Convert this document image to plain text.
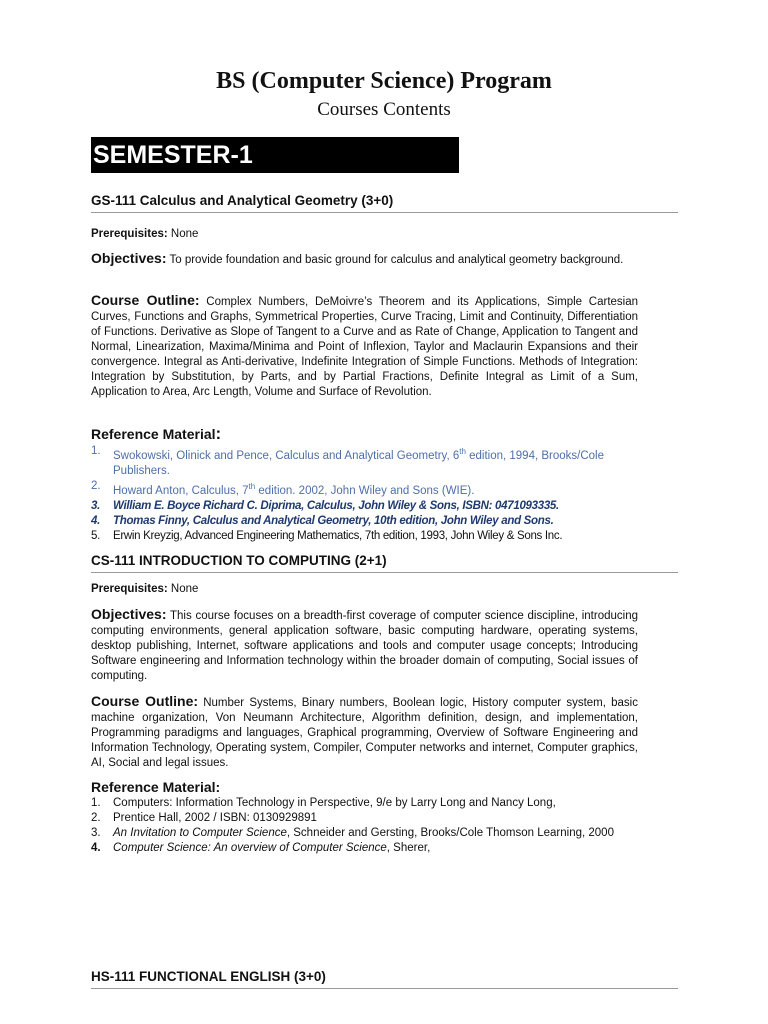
BS (Computer Science) Program
Courses Contents
SEMESTER-1
GS-111 Calculus and Analytical Geometry (3+0)
Prerequisites: None
Objectives: To provide foundation and basic ground for calculus and analytical geometry background.
Course Outline: Complex Numbers, DeMoivre’s Theorem and its Applications, Simple Cartesian Curves, Functions and Graphs, Symmetrical Properties, Curve Tracing, Limit and Continuity, Differentiation of Functions. Derivative as Slope of Tangent to a Curve and as Rate of Change, Application to Tangent and Normal, Linearization, Maxima/Minima and Point of Inflexion, Taylor and Maclaurin Expansions and their convergence. Integral as Anti-derivative, Indefinite Integration of Simple Functions. Methods of Integration: Integration by Substitution, by Parts, and by Partial Fractions, Definite Integral as Limit of a Sum, Application to Area, Arc Length, Volume and Surface of Revolution.
Reference Material:
1. Swokowski, Olinick and Pence, Calculus and Analytical Geometry, 6th edition, 1994, Brooks/Cole Publishers.
2. Howard Anton, Calculus, 7th edition. 2002, John Wiley and Sons (WIE).
3. William E. Boyce Richard C. Diprima, Calculus, John Wiley & Sons, ISBN: 0471093335.
4. Thomas Finny, Calculus and Analytical Geometry, 10th edition, John Wiley and Sons.
5. Erwin Kreyzig, Advanced Engineering Mathematics, 7th edition, 1993, John Wiley & Sons Inc.
CS-111 INTRODUCTION TO COMPUTING (2+1)
Prerequisites: None
Objectives: This course focuses on a breadth-first coverage of computer science discipline, introducing computing environments, general application software, basic computing hardware, operating systems, desktop publishing, Internet, software applications and tools and computer usage concepts; Introducing Software engineering and Information technology within the broader domain of computing, Social issues of computing.
Course Outline: Number Systems, Binary numbers, Boolean logic, History computer system, basic machine organization, Von Neumann Architecture, Algorithm definition, design, and implementation, Programming paradigms and languages, Graphical programming, Overview of Software Engineering and Information Technology, Operating system, Compiler, Computer networks and internet, Computer graphics, AI, Social and legal issues.
Reference Material:
1. Computers: Information Technology in Perspective, 9/e by Larry Long and Nancy Long,
2. Prentice Hall, 2002 / ISBN: 0130929891
3. An Invitation to Computer Science, Schneider and Gersting, Brooks/Cole Thomson Learning, 2000
4. Computer Science: An overview of Computer Science, Sherer,
HS-111 FUNCTIONAL ENGLISH (3+0)
